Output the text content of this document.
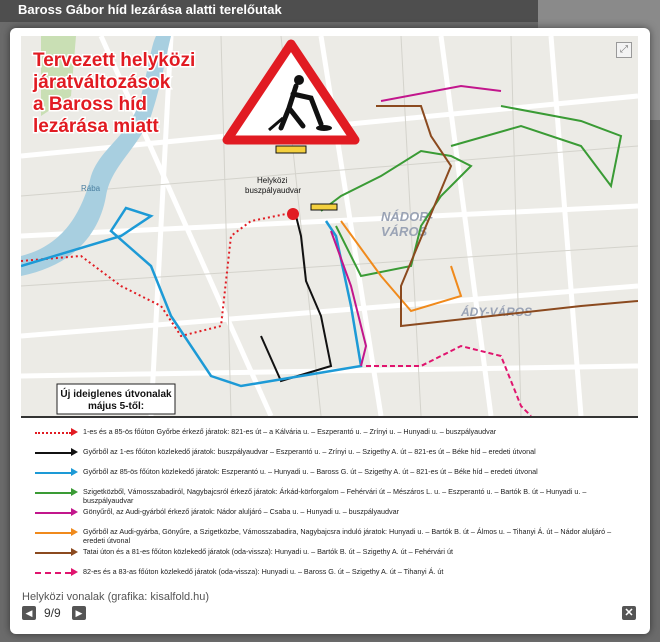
Baross Gábor híd lezárása alatti terelőutak
Rába
NÁDOR-
VÁROS
ÁDY-VÁROS
Helyközi buszpályaudvar
Tervezett helyközi
járatváltozások
a Baross híd
lezárása miatt
Új ideiglenes útvonalak
május 5-től:
1-es és a 85-ös főúton Győrbe érkező járatok: 821-es út – a Kálvária u. – Eszperantó u. – Zrínyi u. – Hunyadi u. – buszpályaudvar
Győrből az 1-es főúton közlekedő járatok: buszpályaudvar – Eszperantó u. – Zrínyi u. – Szigethy A. út – 821-es út – Béke híd – eredeti útvonal
Győrből az 85-ös főúton közlekedő járatok: Eszperantó u. – Hunyadi u. – Baross G. út – Szigethy A. út – 821-es út – Béke híd – eredeti útvonal
Szigetközből, Vámosszabadiról, Nagybajcsról érkező járatok: Árkád-körforgalom – Fehérvári út – Mészáros L. u. – Eszperantó u. – Bartók B. út – Hunyadi u. – buszpályaudvar
Gönyűről, az Audi-gyárból érkező járatok: Nádor aluljáró – Csaba u. – Hunyadi u. – buszpályaudvar
Győrből az Audi-gyárba, Gönyűre, a Szigetközbe, Vámosszabadira, Nagybajcsra induló járatok: Hunyadi u. – Bartók B. út – Álmos u. – Tihanyi Á. út – Nádor aluljáró – eredeti útvonal
Tatai úton és a 81-es főúton közlekedő járatok (oda-vissza): Hunyadi u. – Bartók B. út – Szigethy A. út – Fehérvári út
82-es és a 83-as főúton közlekedő járatok (oda-vissza): Hunyadi u. – Baross G. út – Szigethy A. út – Tihanyi Á. út
⤢
Helyközi vonalak (grafika: kisalfold.hu)
◀ 9/9	▶	✕
